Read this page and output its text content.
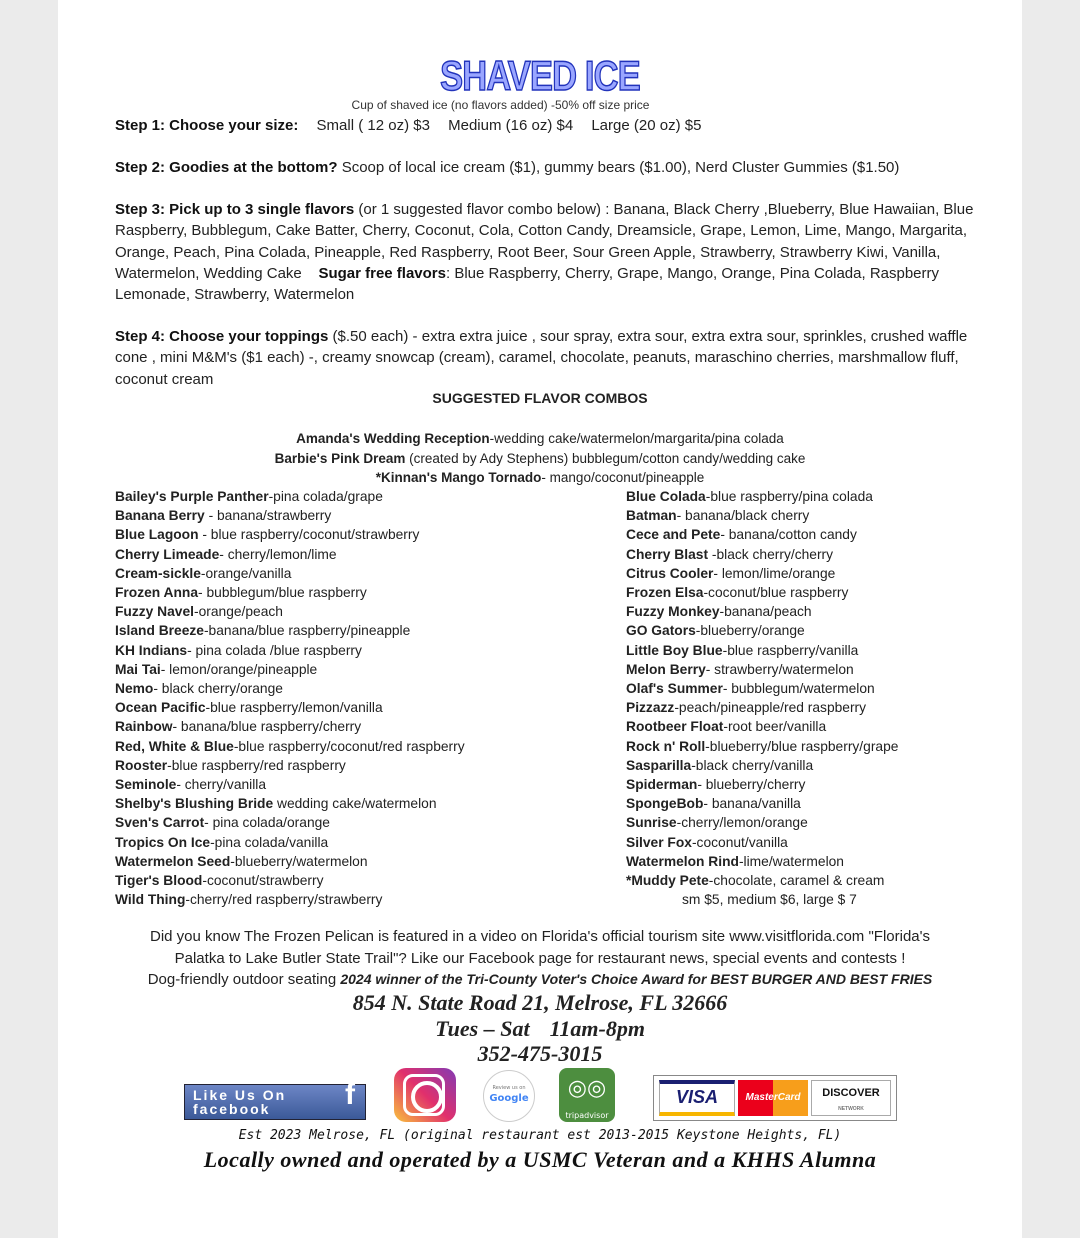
SHAVED ICE
Cup of shaved ice (no flavors added) -50% off size price
Step 1: Choose your size: Small ( 12 oz) $3 Medium (16 oz) $4 Large (20 oz) $5
Step 2: Goodies at the bottom? Scoop of local ice cream ($1), gummy bears ($1.00), Nerd Cluster Gummies ($1.50)
Step 3: Pick up to 3 single flavors (or 1 suggested flavor combo below) : Banana, Black Cherry ,Blueberry, Blue Hawaiian, Blue Raspberry, Bubblegum, Cake Batter, Cherry, Coconut, Cola, Cotton Candy, Dreamsicle, Grape, Lemon, Lime, Mango, Margarita, Orange, Peach, Pina Colada, Pineapple, Red Raspberry, Root Beer, Sour Green Apple, Strawberry, Strawberry Kiwi, Vanilla, Watermelon, Wedding Cake Sugar free flavors: Blue Raspberry, Cherry, Grape, Mango, Orange, Pina Colada, Raspberry Lemonade, Strawberry, Watermelon
Step 4: Choose your toppings ($.50 each) - extra extra juice , sour spray, extra sour, extra extra sour, sprinkles, crushed waffle cone , mini M&M's ($1 each) -, creamy snowcap (cream), caramel, chocolate, peanuts, maraschino cherries, marshmallow fluff, coconut cream
SUGGESTED FLAVOR COMBOS
Amanda's Wedding Reception-wedding cake/watermelon/margarita/pina colada
Barbie's Pink Dream (created by Ady Stephens) bubblegum/cotton candy/wedding cake
*Kinnan's Mango Tornado- mango/coconut/pineapple
Bailey's Purple Panther-pina colada/grape
Banana Berry - banana/strawberry
Blue Lagoon - blue raspberry/coconut/strawberry
Cherry Limeade- cherry/lemon/lime
Cream-sickle-orange/vanilla
Frozen Anna- bubblegum/blue raspberry
Fuzzy Navel-orange/peach
Island Breeze-banana/blue raspberry/pineapple
KH Indians- pina colada /blue raspberry
Mai Tai- lemon/orange/pineapple
Nemo- black cherry/orange
Ocean Pacific-blue raspberry/lemon/vanilla
Rainbow- banana/blue raspberry/cherry
Red, White & Blue-blue raspberry/coconut/red raspberry
Rooster-blue raspberry/red raspberry
Seminole- cherry/vanilla
Shelby's Blushing Bride wedding cake/watermelon
Sven's Carrot- pina colada/orange
Tropics On Ice-pina colada/vanilla
Watermelon Seed-blueberry/watermelon
Tiger's Blood-coconut/strawberry
Wild Thing-cherry/red raspberry/strawberry
Blue Colada-blue raspberry/pina colada
Batman- banana/black cherry
Cece and Pete- banana/cotton candy
Cherry Blast -black cherry/cherry
Citrus Cooler- lemon/lime/orange
Frozen Elsa-coconut/blue raspberry
Fuzzy Monkey-banana/peach
GO Gators-blueberry/orange
Little Boy Blue-blue raspberry/vanilla
Melon Berry- strawberry/watermelon
Olaf's Summer- bubblegum/watermelon
Pizzazz-peach/pineapple/red raspberry
Rootbeer Float-root beer/vanilla
Rock n' Roll-blueberry/blue raspberry/grape
Sasparilla-black cherry/vanilla
Spiderman- blueberry/cherry
SpongeBob- banana/vanilla
Sunrise-cherry/lemon/orange
Silver Fox-coconut/vanilla
Watermelon Rind-lime/watermelon
*Muddy Pete-chocolate, caramel & cream
sm $5, medium $6, large $ 7
Did you know The Frozen Pelican is featured in a video on Florida's official tourism site www.visitflorida.com "Florida's
Palatka to Lake Butler State Trail"? Like our Facebook page for restaurant news, special events and contests !
Dog-friendly outdoor seating 2024 winner of the Tri-County Voter's Choice Award for BEST BURGER AND BEST FRIES
854 N. State Road 21, Melrose, FL 32666
Tues – Sat 11am-8pm
352-475-3015
Like Us On
facebook	f	Review us on
Google ◎◎
tripadvisor
VISA	MasterCard	DISCOVER
NETWORK
Est 2023 Melrose, FL (original restaurant est 2013-2015 Keystone Heights, FL)
Locally owned and operated by a USMC Veteran and a KHHS Alumna
